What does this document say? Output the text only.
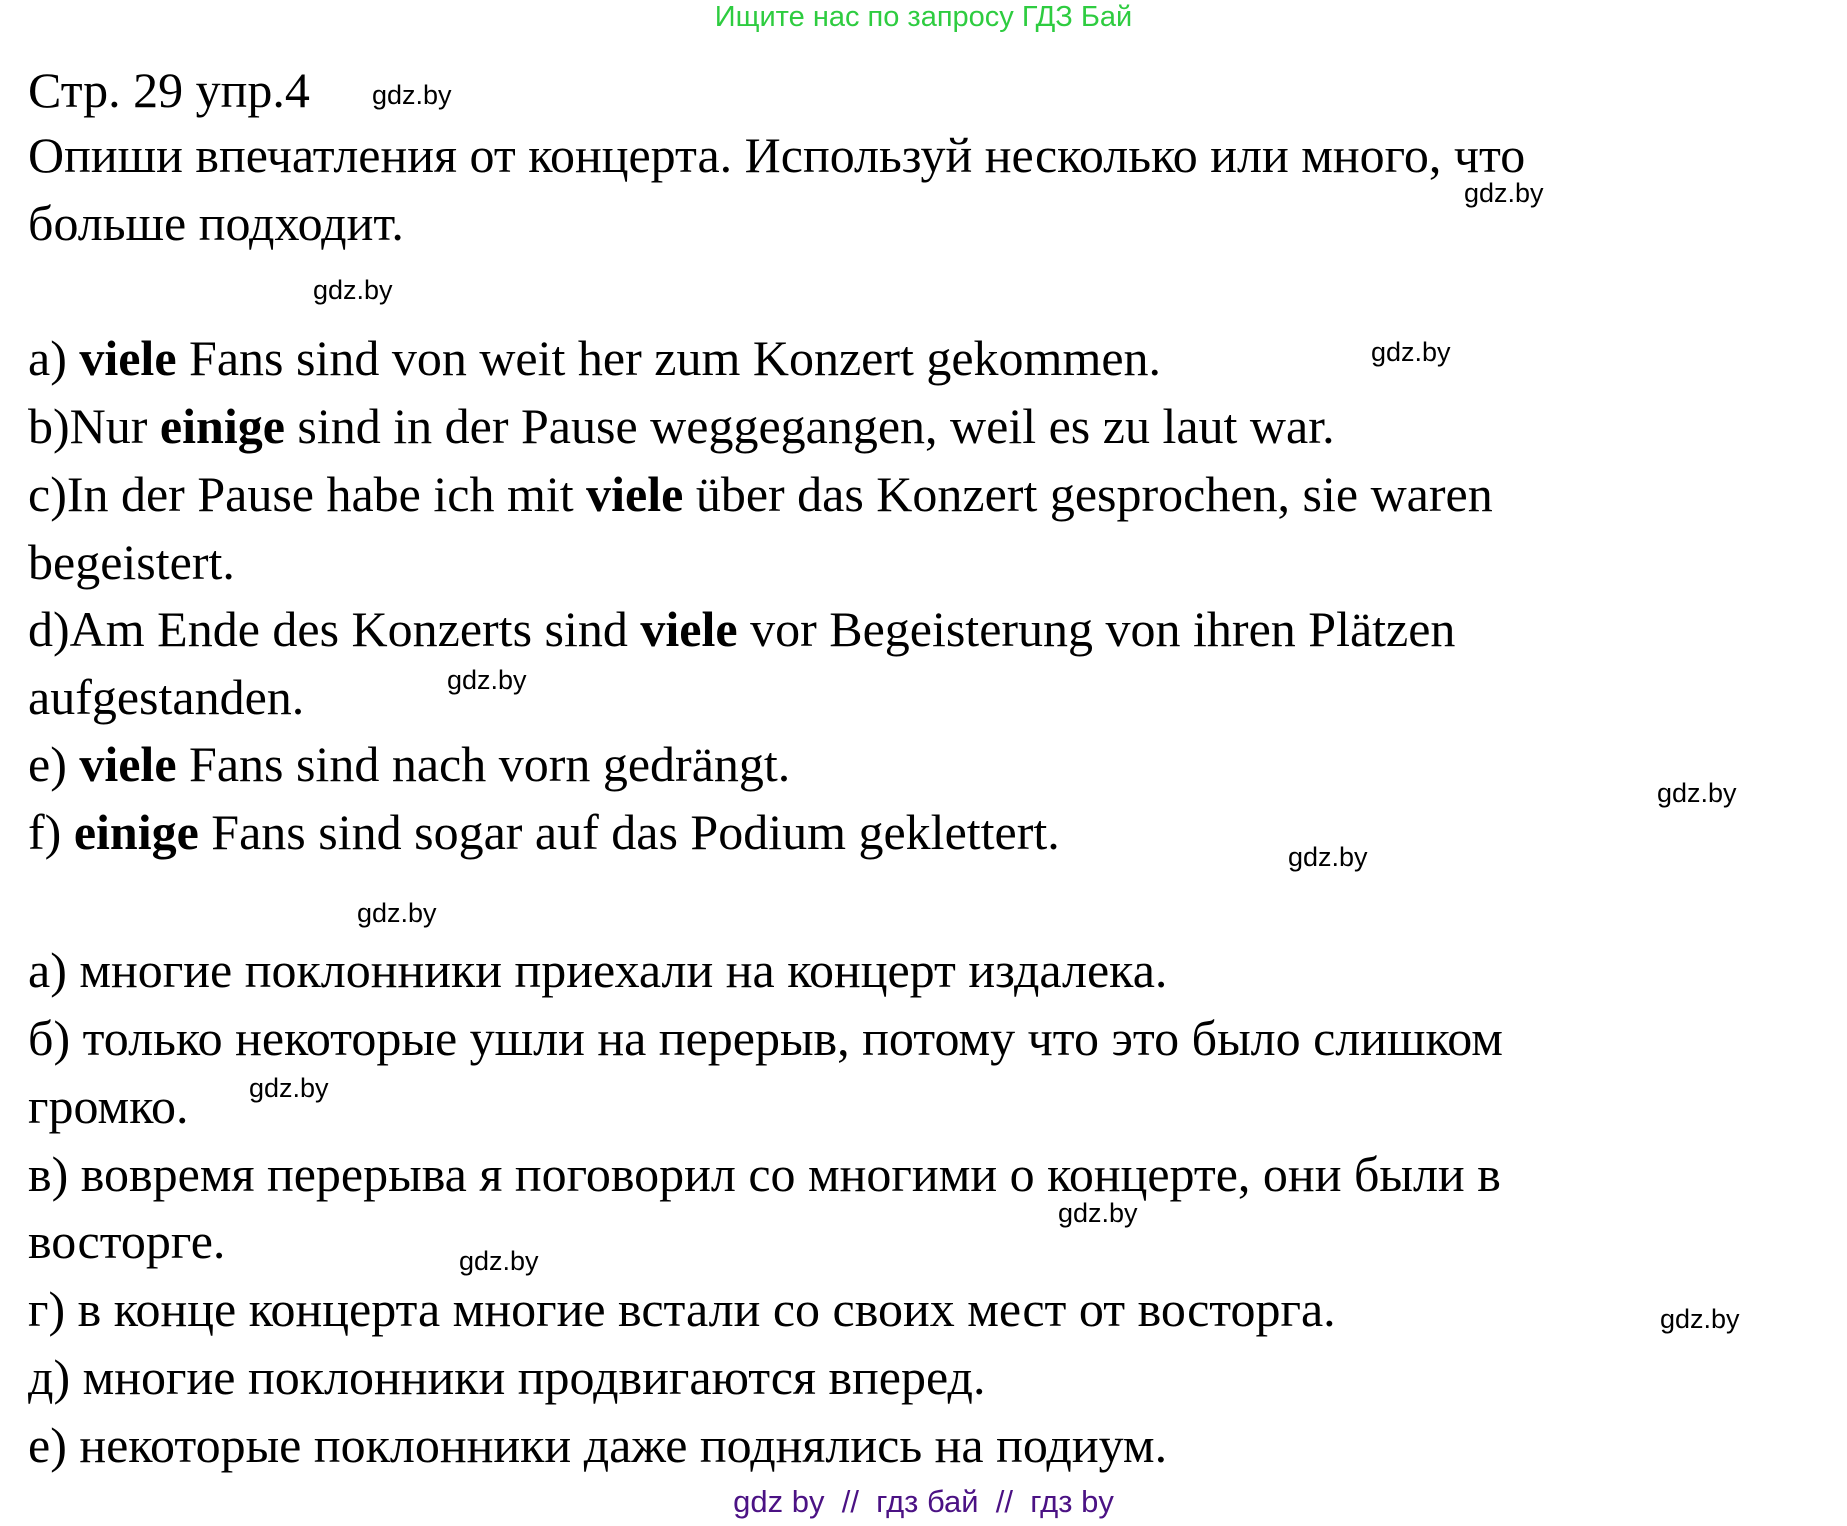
Ищите нас по запросу ГДЗ Бай
Стр. 29 упр.4
Опиши впечатления от концерта. Используй несколько или много, что
больше подходит.
a) viele Fans sind von weit her zum Konzert gekommen.
b)Nur einige sind in der Pause weggegangen, weil es zu laut war.
c)In der Pause habe ich mit viele über das Konzert gesprochen, sie waren
begeistert.
d)Am Ende des Konzerts sind viele vor Begeisterung von ihren Plätzen
aufgestanden.
e) viele Fans sind nach vorn gedrängt.
f) einige Fans sind sogar auf das Podium geklettert.
а) многие поклонники приехали на концерт издалека.
б) только некоторые ушли на перерыв, потому что это было слишком
громко.
в) вовремя перерыва я поговорил со многими о концерте, они были в
восторге.
г) в конце концерта многие встали со своих мест от восторга.
д) многие поклонники продвигаются вперед.
е) некоторые поклонники даже поднялись на подиум.
gdz.by
gdz.by
gdz.by
gdz.by
gdz.by
gdz.by
gdz.by
gdz.by
gdz.by
gdz.by
gdz.by
gdz.by
gdz by  //  гдз бай  //  гдз by
